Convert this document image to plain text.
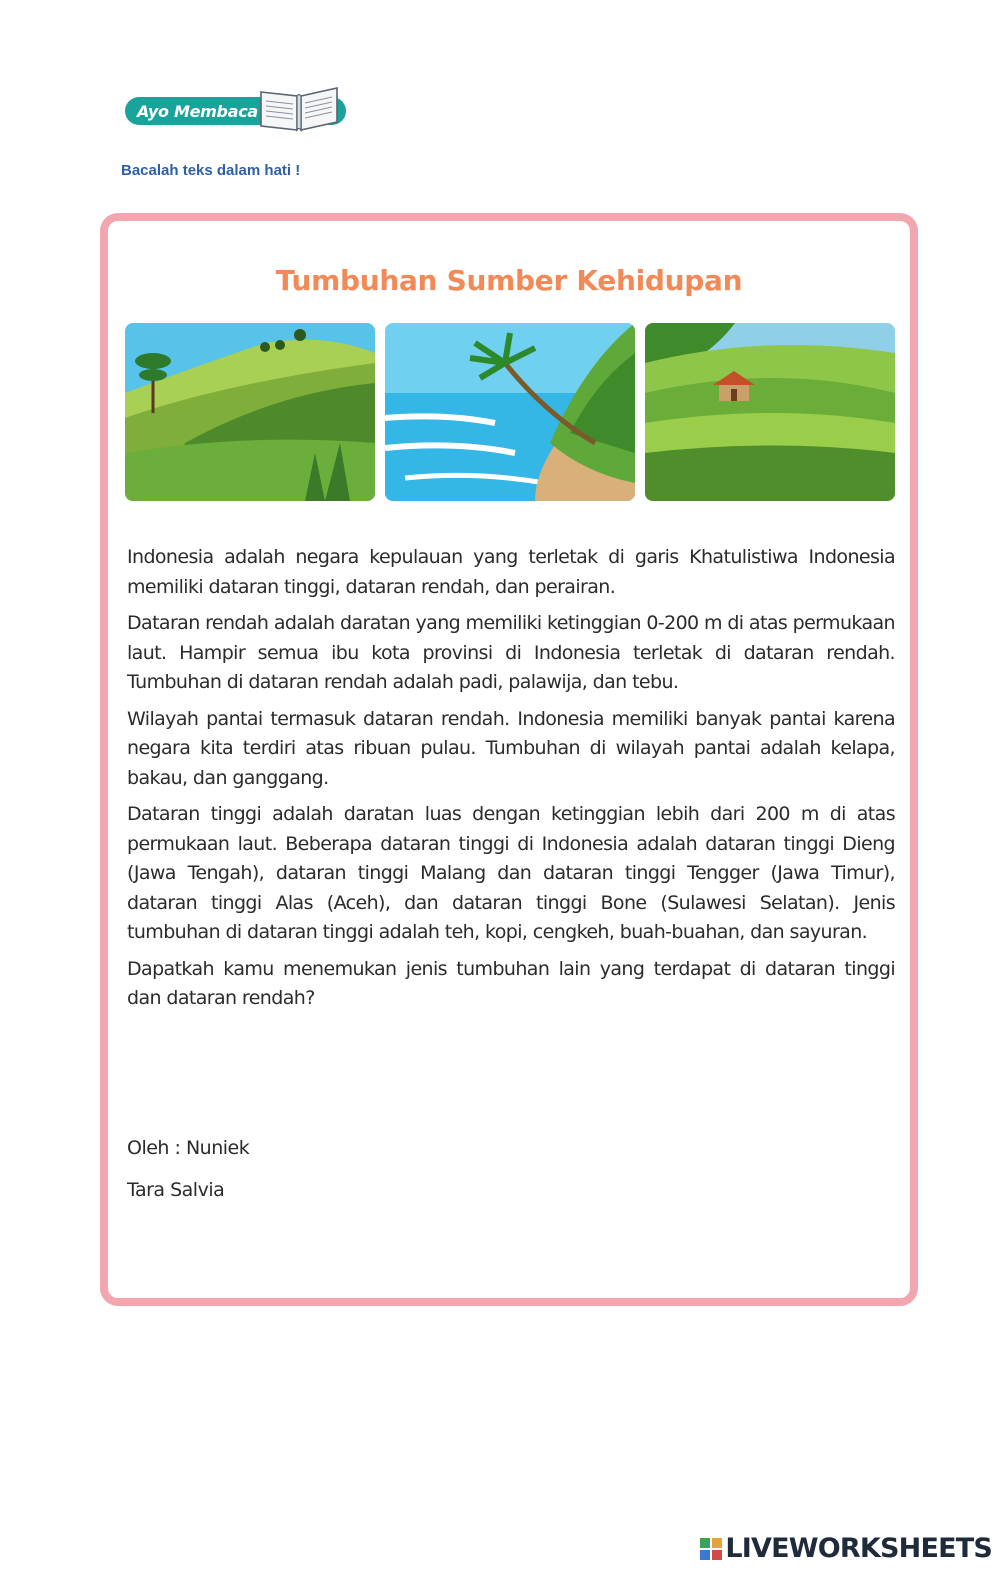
Ayo Membaca
Bacalah teks dalam hati !
Tumbuhan Sumber Kehidupan

Indonesia adalah negara kepulauan yang terletak di garis Khatulistiwa Indonesia memiliki dataran tinggi, dataran rendah, dan perairan.

Dataran rendah adalah daratan yang memiliki ketinggian 0-200 m di atas permukaan laut. Hampir semua ibu kota provinsi di Indonesia terletak di dataran rendah. Tumbuhan di dataran rendah adalah padi, palawija, dan tebu.

Wilayah pantai termasuk dataran rendah. Indonesia memiliki banyak pantai karena negara kita terdiri atas ribuan pulau. Tumbuhan di wilayah pantai adalah kelapa, bakau, dan ganggang.

Dataran tinggi adalah daratan luas dengan ketinggian lebih dari 200 m di atas permukaan laut. Beberapa dataran tinggi di Indonesia adalah dataran tinggi Dieng (Jawa Tengah), dataran tinggi Malang dan dataran tinggi Tengger (Jawa Timur), dataran tinggi Alas (Aceh), dan dataran tinggi Bone (Sulawesi Selatan). Jenis tumbuhan di dataran tinggi adalah teh, kopi, cengkeh, buah-buahan, dan sayuran.

Dapatkah kamu menemukan jenis tumbuhan lain yang terdapat di dataran tinggi dan dataran rendah?

Oleh : Nuniek
Tara Salvia
LIVEWORKSHEETS
